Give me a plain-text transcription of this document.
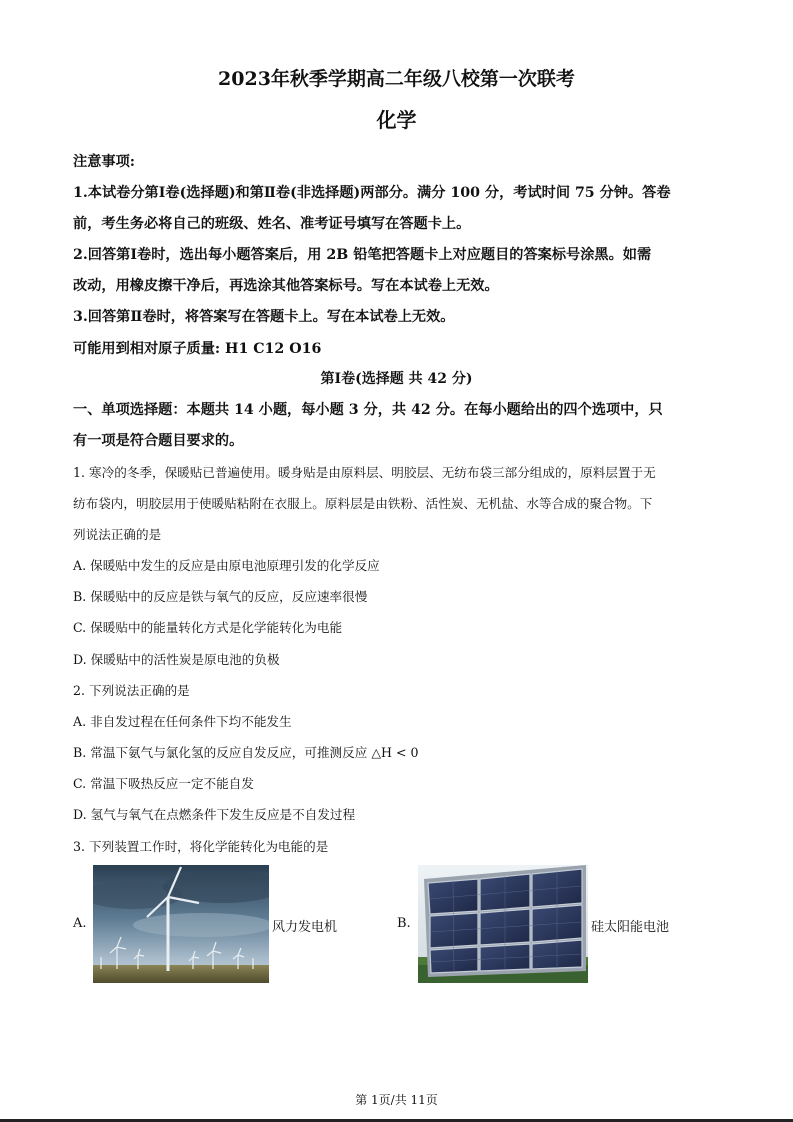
2023年秋季学期高二年级八校第一次联考
化学
注意事项:
1.本试卷分第Ⅰ卷(选择题)和第Ⅱ卷(非选择题)两部分。满分 100 分，考试时间 75 分钟。答卷
前，考生务必将自己的班级、姓名、准考证号填写在答题卡上。
2.回答第Ⅰ卷时，选出每小题答案后，用 2B 铅笔把答题卡上对应题目的答案标号涂黑。如需
改动，用橡皮擦干净后，再选涂其他答案标号。写在本试卷上无效。
3.回答第Ⅱ卷时，将答案写在答题卡上。写在本试卷上无效。
可能用到相对原子质量: H1 C12 O16
第Ⅰ卷(选择题 共 42 分)
一、单项选择题：本题共 14 小题，每小题 3 分，共 42 分。在每小题给出的四个选项中，只
有一项是符合题目要求的。
1. 寒冷的冬季，保暖贴已普遍使用。暖身贴是由原料层、明胶层、无纺布袋三部分组成的，原料层置于无
纺布袋内，明胶层用于使暖贴粘附在衣服上。原料层是由铁粉、活性炭、无机盐、水等合成的聚合物。下
列说法正确的是
A. 保暖贴中发生的反应是由原电池原理引发的化学反应
B. 保暖贴中的反应是铁与氧气的反应，反应速率很慢
C. 保暖贴中的能量转化方式是化学能转化为电能
D. 保暖贴中的活性炭是原电池的负极
2. 下列说法正确的是
A. 非自发过程在任何条件下均不能发生
B. 常温下氨气与氯化氢的反应自发反应，可推测反应 △H < 0
C. 常温下吸热反应一定不能自发
D. 氢气与氧气在点燃条件下发生反应是不自发过程
3. 下列装置工作时，将化学能转化为电能的是
A.	风力发电机	B.	硅太阳能电池
第 1页/共 11页
